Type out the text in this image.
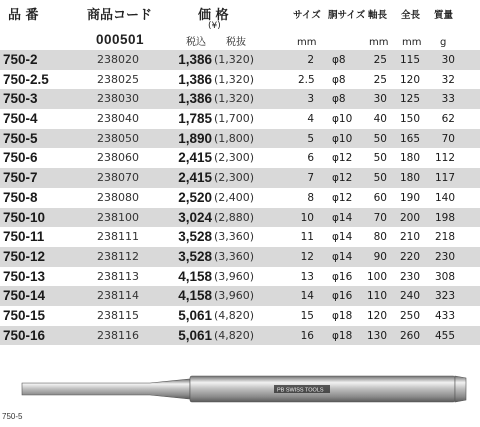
品 番	商品コード	価 格
(¥)
サイズ 胴サイズ 軸長 全長 質量
000501	税込 税抜	mm	mm mm g
750-2	238020	1,386 (1,320)	2 φ8	25 115	30
750-2.5	238025	1,386 (1,320)	2.5 φ8	25 120	32
750-3	238030	1,386 (1,320)	3 φ8	30 125	33
750-4	238040	1,785 (1,700)	4 φ10	40 150	62
750-5	238050	1,890 (1,800)	5 φ10	50 165	70
750-6	238060	2,415 (2,300)	6 φ12	50 180	112
750-7	238070	2,415 (2,300)	7 φ12	50 180	117
750-8	238080	2,520 (2,400)	8 φ12	60 190	140
750-10	238100	3,024 (2,880)	10 φ14	70 200	198
750-11	238111	3,528 (3,360)	11 φ14	80 210	218
750-12	238112	3,528 (3,360)	12 φ14	90 220	230
750-13	238113	4,158 (3,960)	13 φ16 100 230	308
750-14	238114	4,158 (3,960)	14 φ16 110 240	323
750-15	238115	5,061 (4,820)	15 φ18 120 250	433
750-16	238116	5,061 (4,820)	16 φ18 130 260	455
PB SWISS TOOLS
750-5
